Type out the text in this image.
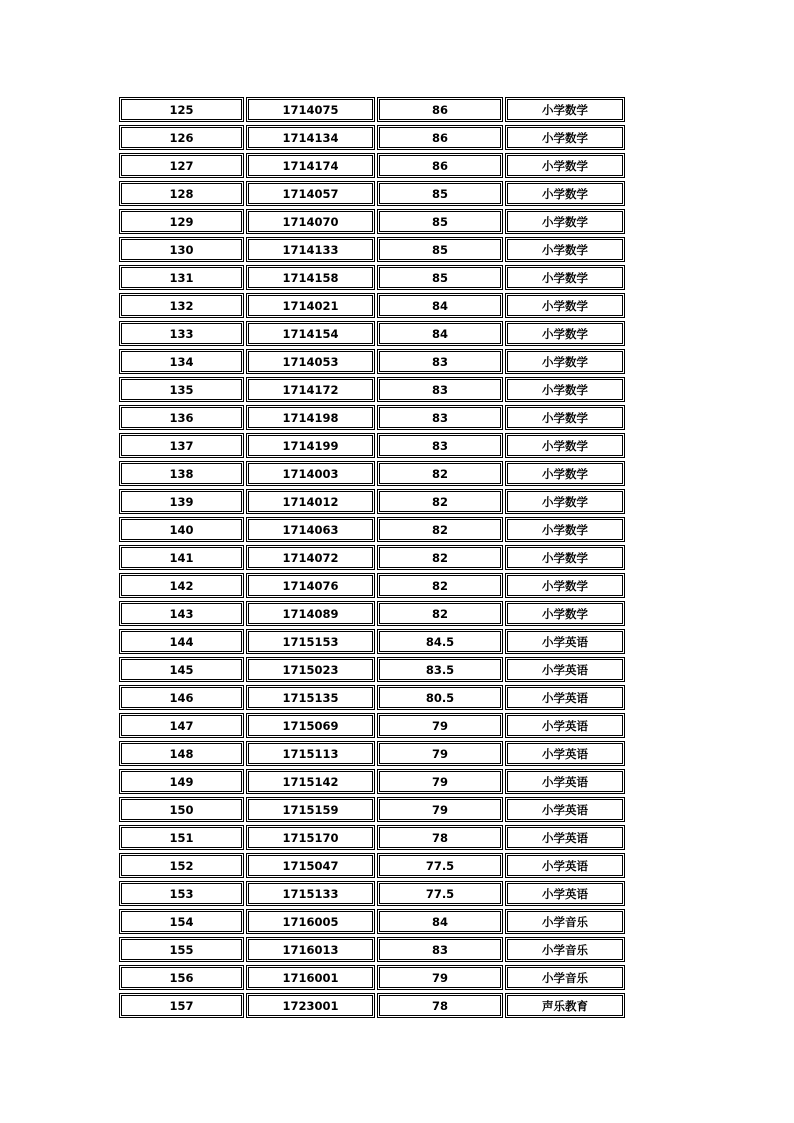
125	1714075	86	小学数学
126	1714134	86	小学数学
127	1714174	86	小学数学
128	1714057	85	小学数学
129	1714070	85	小学数学
130	1714133	85	小学数学
131	1714158	85	小学数学
132	1714021	84	小学数学
133	1714154	84	小学数学
134	1714053	83	小学数学
135	1714172	83	小学数学
136	1714198	83	小学数学
137	1714199	83	小学数学
138	1714003	82	小学数学
139	1714012	82	小学数学
140	1714063	82	小学数学
141	1714072	82	小学数学
142	1714076	82	小学数学
143	1714089	82	小学数学
144	1715153	84.5	小学英语
145	1715023	83.5	小学英语
146	1715135	80.5	小学英语
147	1715069	79	小学英语
148	1715113	79	小学英语
149	1715142	79	小学英语
150	1715159	79	小学英语
151	1715170	78	小学英语
152	1715047	77.5	小学英语
153	1715133	77.5	小学英语
154	1716005	84	小学音乐
155	1716013	83	小学音乐
156	1716001	79	小学音乐
157	1723001	78	声乐教育
